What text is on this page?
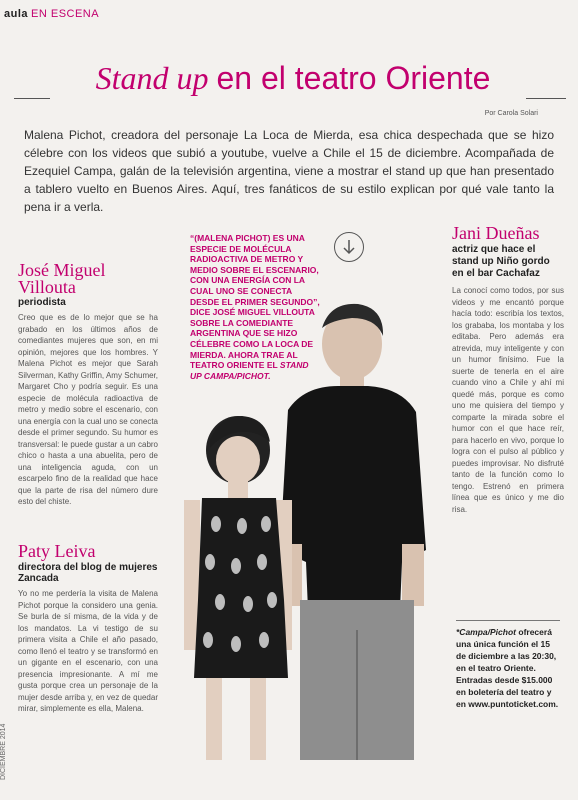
aula EN ESCENA
Stand up en el teatro Oriente
Por Carola Solari
Malena Pichot, creadora del personaje La Loca de Mierda, esa chica despechada que se hizo célebre con los videos que subió a youtube, vuelve a Chile el 15 de diciembre. Acompañada de Ezequiel Campa, galán de la televisión argentina, viene a mostrar el stand up que han presentado a tablero vuelto en Buenos Aires. Aquí, tres fanáticos de su estilo explican por qué vale tanto la pena ir a verla.
José Miguel Villouta
periodista
Creo que es de lo mejor que se ha grabado en los últimos años de comediantes mujeres que son, en mi opinión, mejores que los hombres. Y Malena Pichot es mejor que Sarah Silverman, Kathy Griffin, Amy Schumer, Margaret Cho y podría seguir. Es una especie de molécula radioactiva de metro y medio sobre el escenario, con una energía con la cual uno se conecta desde el primer segundo. Su humor es transversal: le puede gustar a un cabro chico o hasta a una abuelita, pero de una inteligencia aguda, con un escarpelo fino de la realidad que hace que la parte de risa del número dure esto del chiste.
Paty Leiva
directora del blog de mujeres Zancada
Yo no me perdería la visita de Malena Pichot porque la considero una genia. Se burla de sí misma, de la vida y de los mandatos. La vi testigo de su primera visita a Chile el año pasado, como llenó el teatro y se transformó en un gigante en el escenario, con una presencia impresionante. A mí me gusta porque crea un personaje de la mujer desde arriba y, en vez de quedar mirar, simplemente es ella, Malena.
“(MALENA PICHOT) ES UNA ESPECIE DE MOLÉCULA RADIOACTIVA DE METRO Y MEDIO SOBRE EL ESCENARIO, CON UNA ENERGÍA CON LA CUAL UNO SE CONECTA DESDE EL PRIMER SEGUNDO”, DICE JOSÉ MIGUEL VILLOUTA SOBRE LA COMEDIANTE ARGENTINA QUE SE HIZO CÉLEBRE COMO LA LOCA DE MIERDA. AHORA TRAE AL TEATRO ORIENTE EL STAND UP CAMPA/PICHOT.
Jani Dueñas
actriz que hace el stand up Niño gordo en el bar Cachafaz
La conocí como todos, por sus videos y me encantó porque hacía todo: escribía los textos, los grababa, los montaba y los editaba. Pero además era atrevida, muy inteligente y con un humor finísimo. Fue la suerte de tenerla en el aire cuando vino a Chile y ahí mi quedé más, porque es como uno me quisiera del tiempo y comparte la mirada sobre el humor con el que hace reír, para hacerlo en vivo, porque lo logra con el pulso al público y puedes improvisar. No disfruté tanto de la función como lo tengo. Estrenó en primera línea que es único y me dio risa.
*Campa/Pichot ofrecerá una única función el 15 de diciembre a las 20:30, en el teatro Oriente. Entradas desde $15.000 en boletería del teatro y en www.puntoticket.com.
DICIEMBRE 2014
